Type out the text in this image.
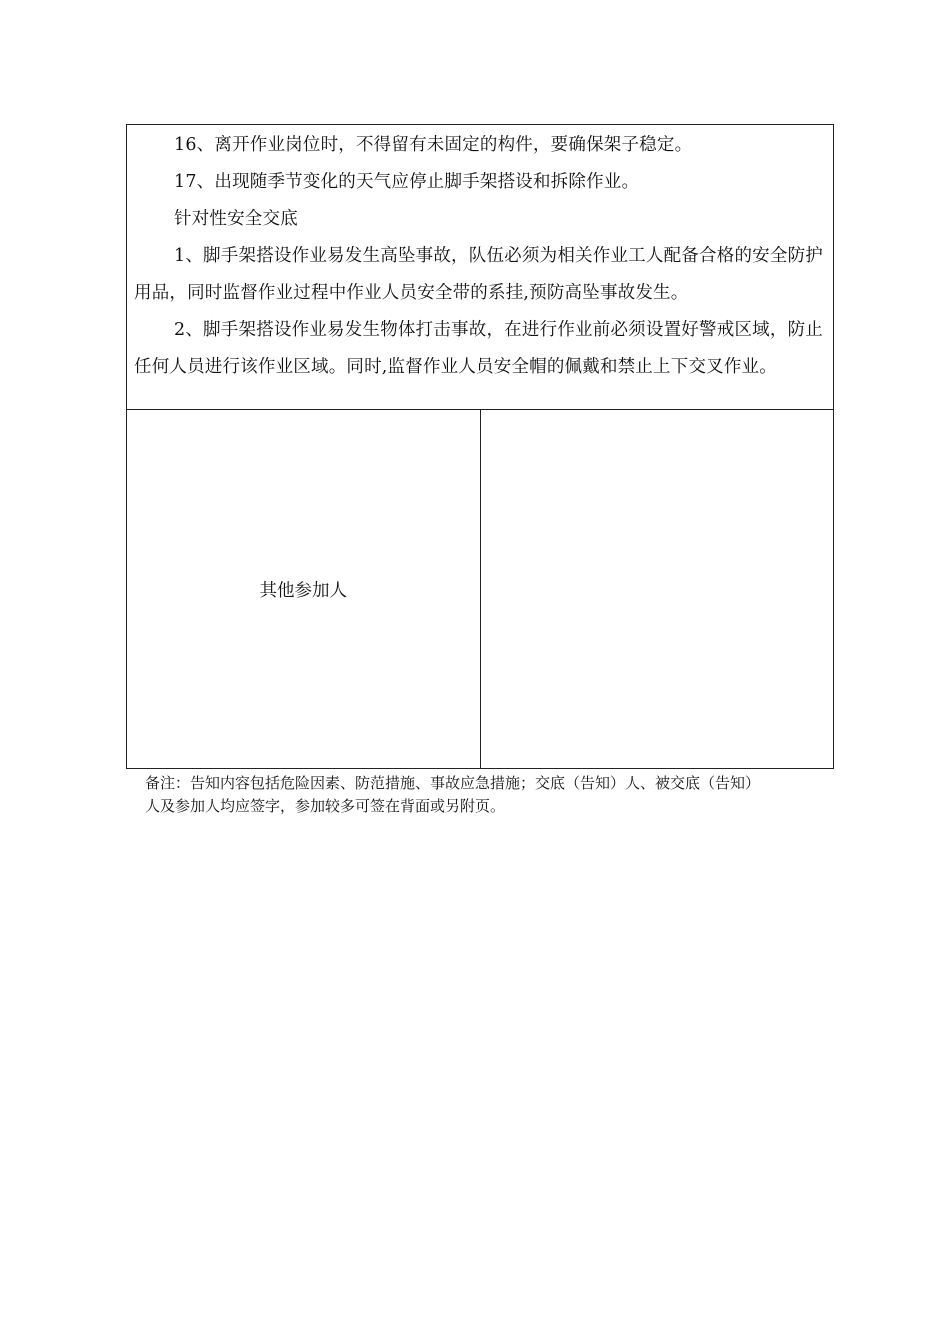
16、离开作业岗位时，不得留有未固定的构件，要确保架子稳定。

17、出现随季节变化的天气应停止脚手架搭设和拆除作业。

针对性安全交底

1、脚手架搭设作业易发生高坠事故，队伍必须为相关作业工人配备合格的安全防护用品，同时监督作业过程中作业人员安全带的系挂,预防高坠事故发生。

2、脚手架搭设作业易发生物体打击事故，在进行作业前必须设置好警戒区域，防止任何人员进行该作业区域。同时,监督作业人员安全帽的佩戴和禁止上下交叉作业。

其他参加人	

备注：告知内容包括危险因素、防范措施、事故应急措施；交底（告知）人、被交底（告知）

人及参加人均应签字，参加较多可签在背面或另附页。
